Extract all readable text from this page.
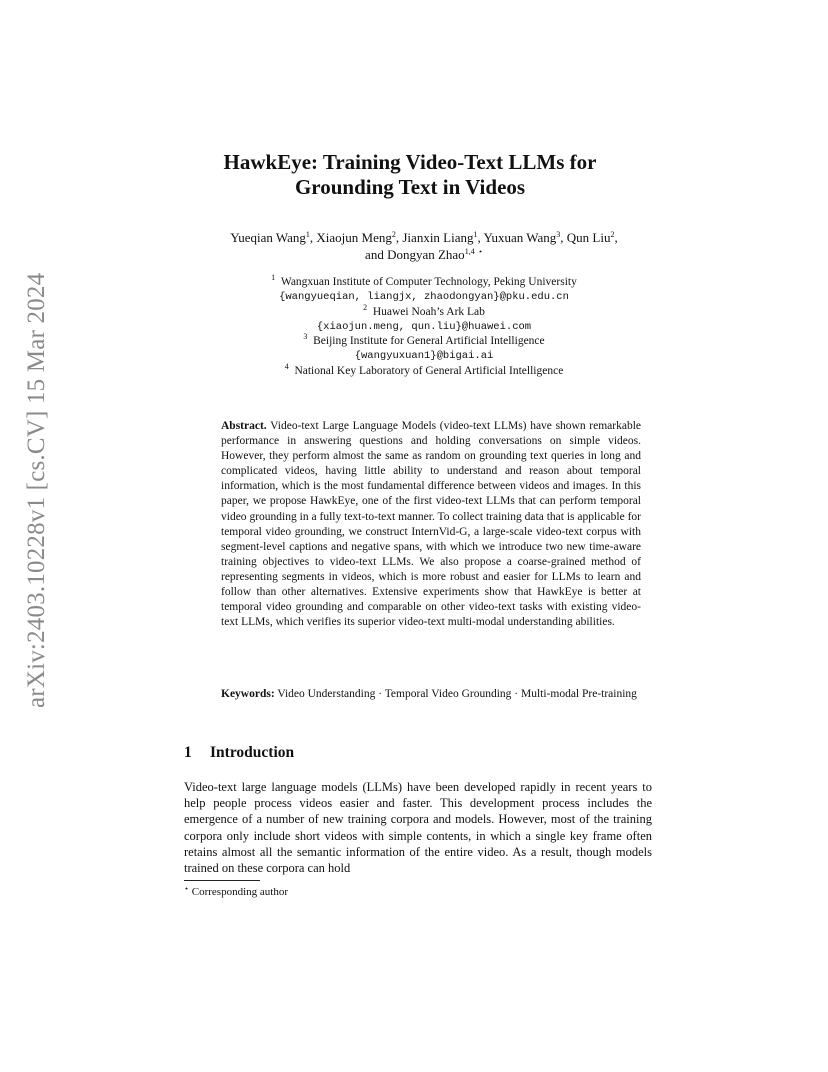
arXiv:2403.10228v1 [cs.CV] 15 Mar 2024
HawkEye: Training Video-Text LLMs for
Grounding Text in Videos
Yueqian Wang$^1$, Xiaojun Meng$^2$, Jianxin Liang$^1$, Yuxuan Wang$^3$, Qun Liu$^2$,
and Dongyan Zhao$^{1,4}$ ⋆
$^1$ Wangxuan Institute of Computer Technology, Peking University
{wangyueqian, liangjx, zhaodongyan}@pku.edu.cn
$^2$ Huawei Noah’s Ark Lab
{xiaojun.meng, qun.liu}@huawei.com
$^3$ Beijing Institute for General Artificial Intelligence
{wangyuxuan1}@bigai.ai
$^4$ National Key Laboratory of General Artificial Intelligence
Abstract. Video-text Large Language Models (video-text LLMs) have shown remarkable performance in answering questions and holding conversations on simple videos. However, they perform almost the same as random on grounding text queries in long and complicated videos, having little ability to understand and reason about temporal information, which is the most fundamental difference between videos and images. In this paper, we propose HawkEye, one of the first video-text LLMs that can perform temporal video grounding in a fully text-to-text manner. To collect training data that is applicable for temporal video grounding, we construct InternVid-G, a large-scale video-text corpus with segment-level captions and negative spans, with which we introduce two new time-aware training objectives to video-text LLMs. We also propose a coarse-grained method of representing segments in videos, which is more robust and easier for LLMs to learn and follow than other alternatives. Extensive experiments show that HawkEye is better at temporal video grounding and comparable on other video-text tasks with existing video-text LLMs, which verifies its superior video-text multi-modal understanding abilities.
Keywords: Video Understanding · Temporal Video Grounding · Multi-modal Pre-training
1 Introduction
Video-text large language models (LLMs) have been developed rapidly in recent years to help people process videos easier and faster. This development process includes the emergence of a number of new training corpora and models. However, most of the training corpora only include short videos with simple contents, in which a single key frame often retains almost all the semantic information of the entire video. As a result, though models trained on these corpora can hold
⋆ Corresponding author
